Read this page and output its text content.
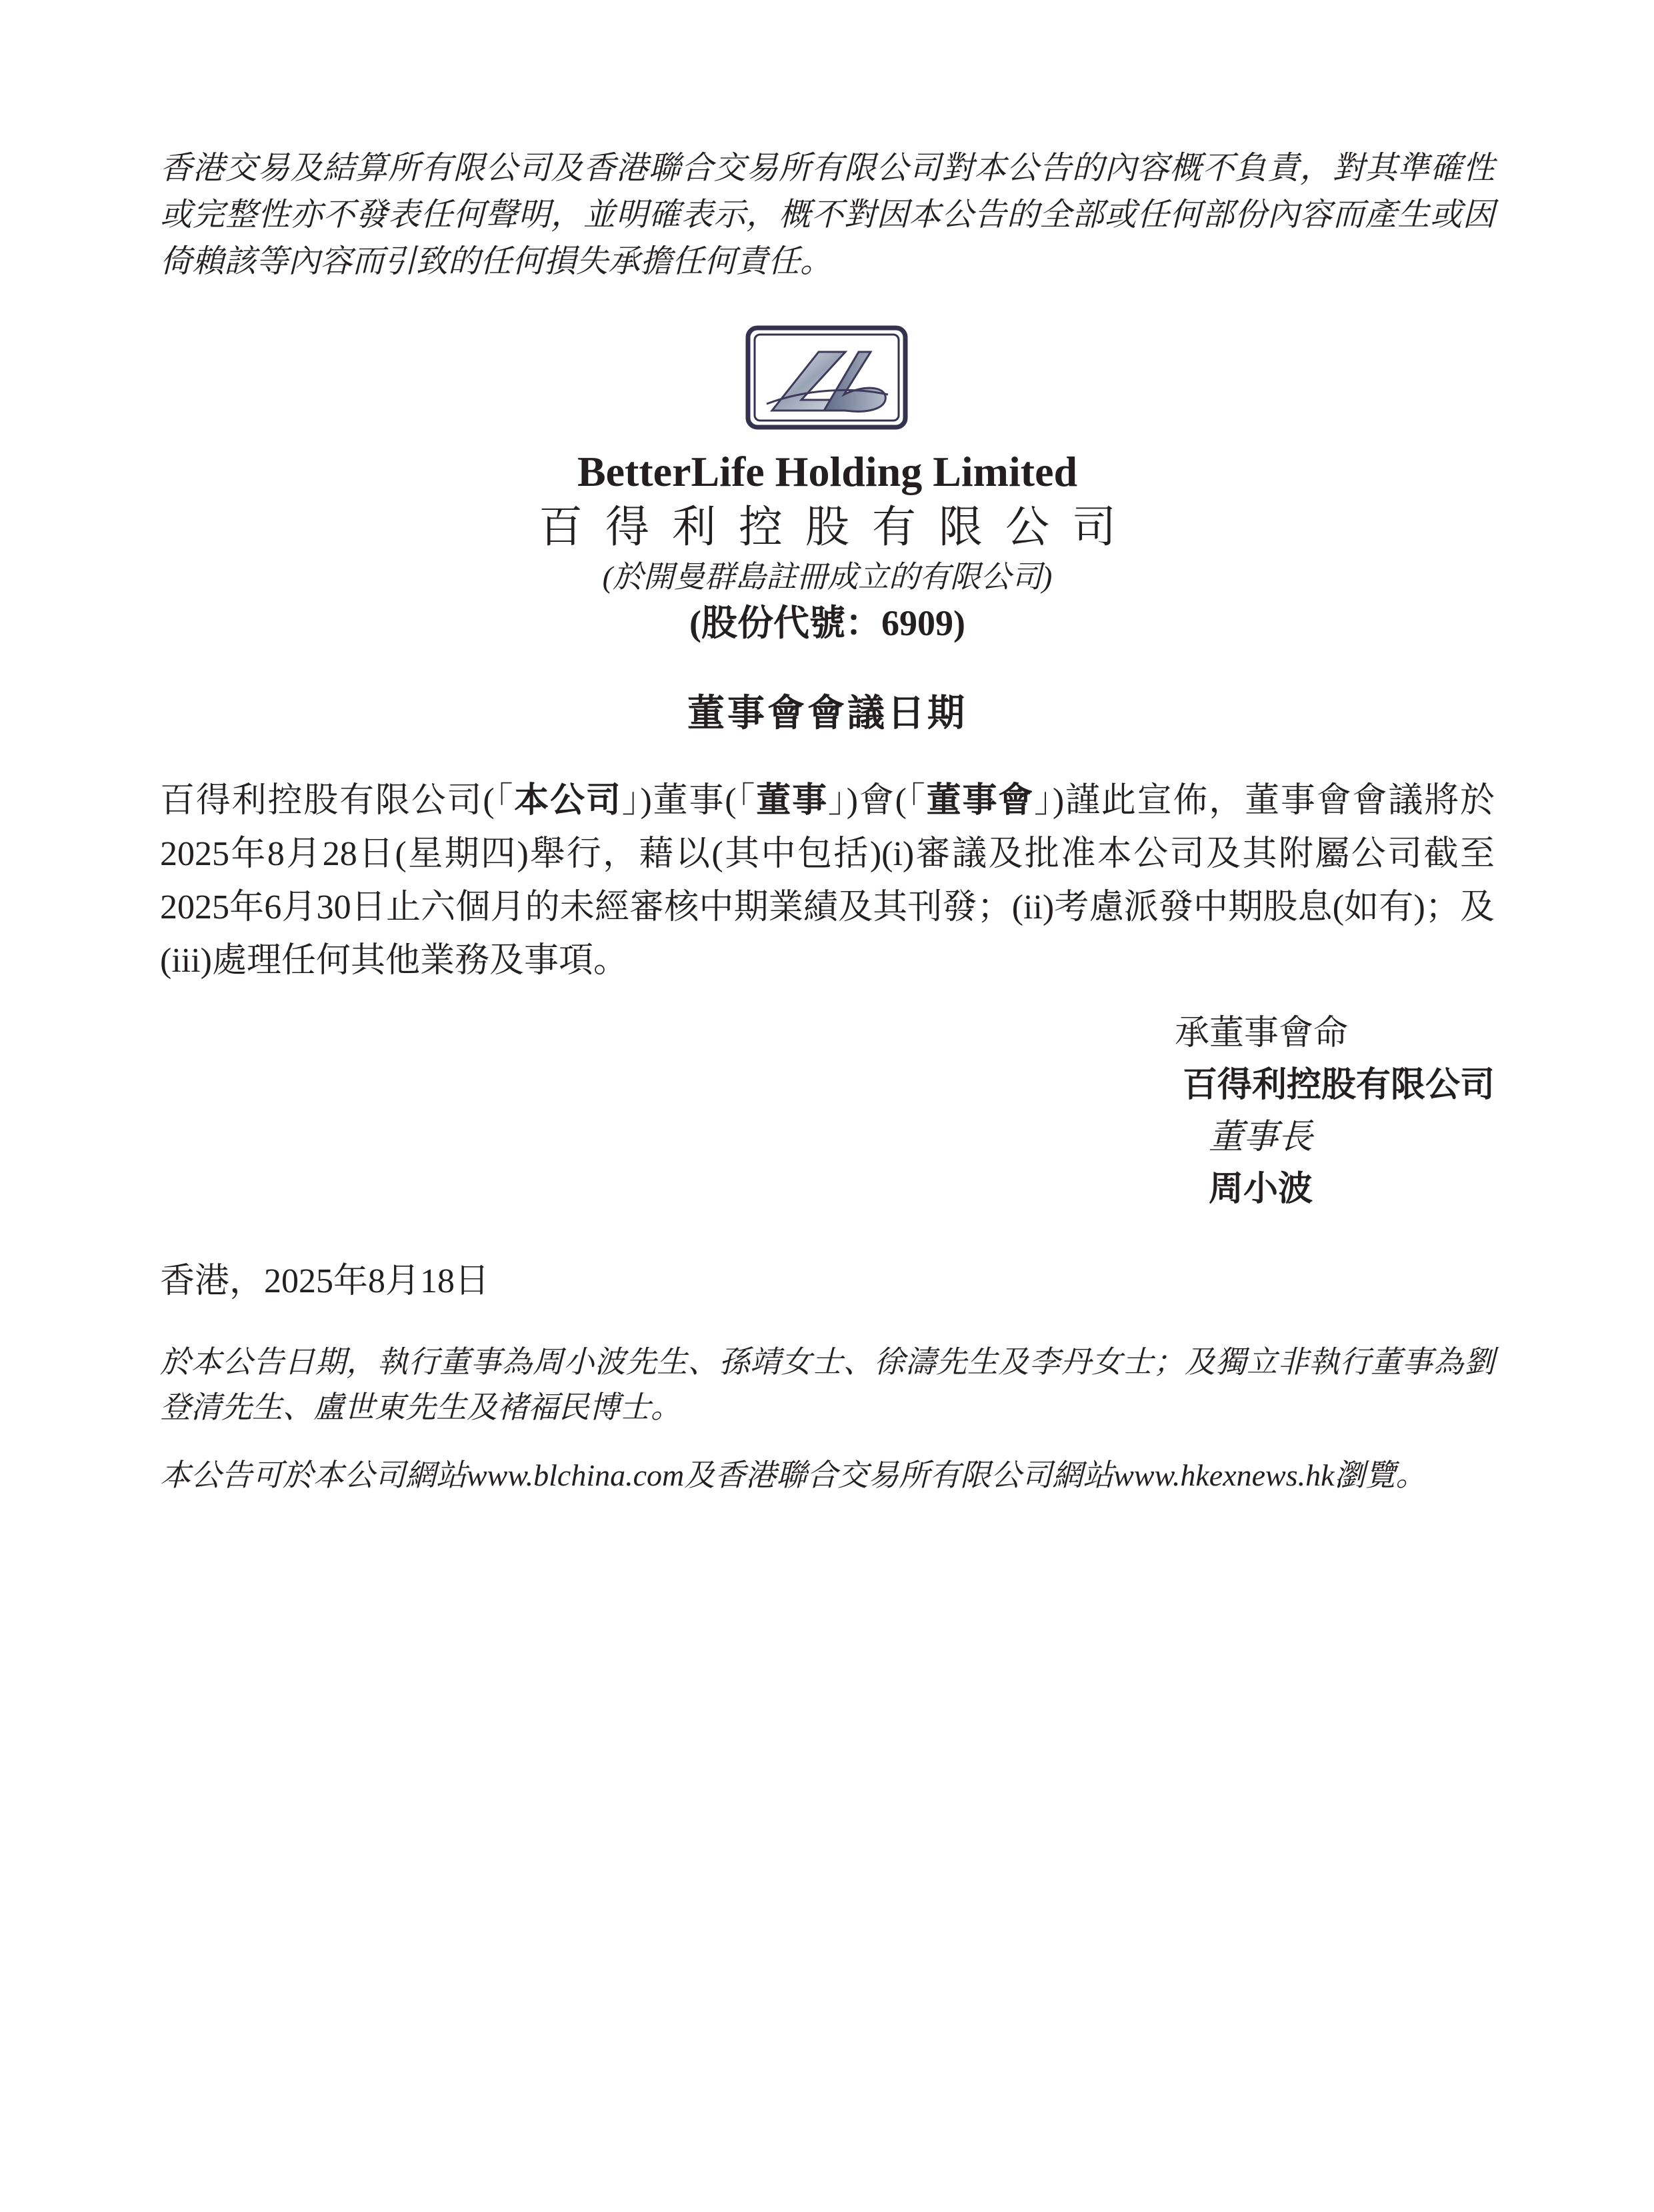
香港交易及結算所有限公司及香港聯合交易所有限公司對本公告的內容概不負責，對其準確性或完整性亦不發表任何聲明，並明確表示，概不對因本公告的全部或任何部份內容而產生或因倚賴該等內容而引致的任何損失承擔任何責任。
BetterLife Holding Limited
百得利控股有限公司
(於開曼群島註冊成立的有限公司)
(股份代號：6909)
董事會會議日期
百得利控股有限公司(「本公司」)董事(「董事」)會(「董事會」)謹此宣佈，董事會會議將於2025年8月28日(星期四)舉行，藉以(其中包括)(i)審議及批准本公司及其附屬公司截至2025年6月30日止六個月的未經審核中期業績及其刊發；(ii)考慮派發中期股息(如有)；及(iii)處理任何其他業務及事項。
承董事會命
百得利控股有限公司
董事長
周小波
香港，2025年8月18日
於本公告日期，執行董事為周小波先生、孫靖女士、徐濤先生及李丹女士；及獨立非執行董事為劉登清先生、盧世東先生及褚福民博士。
本公告可於本公司網站www.blchina.com及香港聯合交易所有限公司網站www.hkexnews.hk瀏覽。
